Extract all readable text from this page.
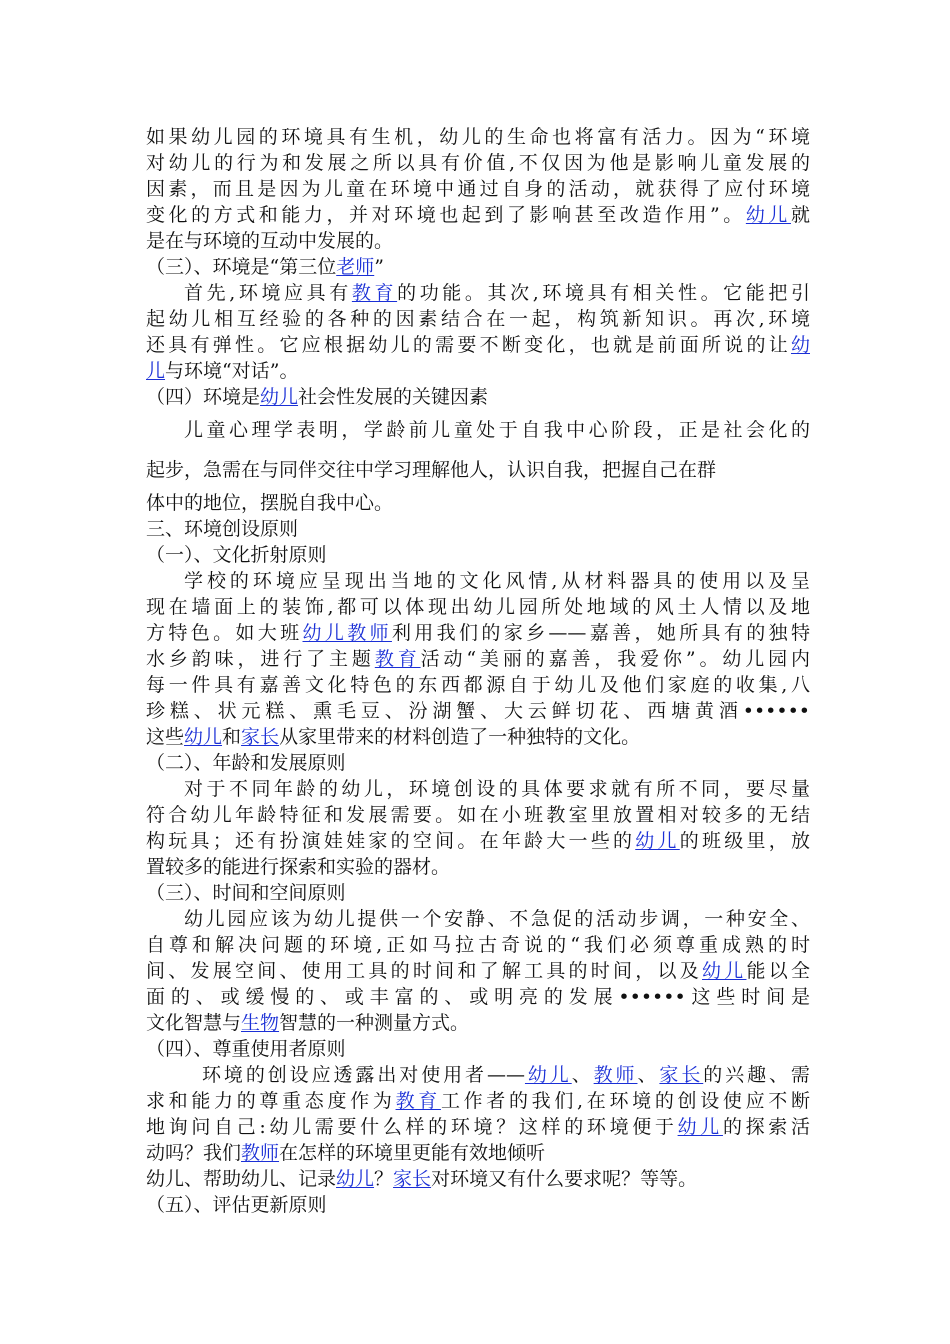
如果幼儿园的环境具有生机，幼儿的生命也将富有活力。因为“环境
对幼儿的行为和发展之所以具有价值,不仅因为他是影响儿童发展的
因素，而且是因为儿童在环境中通过自身的活动，就获得了应付环境
变化的方式和能力，并对环境也起到了影响甚至改造作用”。幼儿就
是在与环境的互动中发展的。
（三）、环境是“第三位老师”
首先,环境应具有教育的功能。其次,环境具有相关性。它能把引
起幼儿相互经验的各种的因素结合在一起，构筑新知识。再次,环境
还具有弹性。它应根据幼儿的需要不断变化，也就是前面所说的让幼
儿与环境“对话”。
（四）环境是幼儿社会性发展的关键因素
儿童心理学表明，学龄前儿童处于自我中心阶段，正是社会化的
起步，急需在与同伴交往中学习理解他人，认识自我，把握自己在群
体中的地位，摆脱自我中心。
三、环境创设原则
（一）、文化折射原则
学校的环境应呈现出当地的文化风情,从材料器具的使用以及呈
现在墙面上的装饰,都可以体现出幼儿园所处地域的风土人情以及地
方特色。如大班幼儿教师利用我们的家乡——嘉善，她所具有的独特
水乡韵味，进行了主题教育活动“美丽的嘉善，我爱你”。幼儿园内
每一件具有嘉善文化特色的东西都源自于幼儿及他们家庭的收集,八
珍糕、状元糕、熏毛豆、汾湖蟹、大云鲜切花、西塘黄酒••••••
这些幼儿和家长从家里带来的材料创造了一种独特的文化。
（二）、年龄和发展原则
对于不同年龄的幼儿，环境创设的具体要求就有所不同，要尽量
符合幼儿年龄特征和发展需要。如在小班教室里放置相对较多的无结
构玩具；还有扮演娃娃家的空间。在年龄大一些的幼儿的班级里，放
置较多的能进行探索和实验的器材。
（三）、时间和空间原则
幼儿园应该为幼儿提供一个安静、不急促的活动步调，一种安全、
自尊和解决问题的环境,正如马拉古奇说的“我们必须尊重成熟的时
间、发展空间、使用工具的时间和了解工具的时间，以及幼儿能以全
面的、或缓慢的、或丰富的、或明亮的发展••••••这些时间是
文化智慧与生物智慧的一种测量方式。
（四）、尊重使用者原则
环境的创设应透露出对使用者——幼儿、教师、家长的兴趣、需
求和能力的尊重态度作为教育工作者的我们,在环境的创设使应不断
地询问自己:幼儿需要什么样的环境？这样的环境便于幼儿的探索活
动吗？我们教师在怎样的环境里更能有效地倾听
幼儿、帮助幼儿、记录幼儿？家长对环境又有什么要求呢？等等。
（五）、评估更新原则
